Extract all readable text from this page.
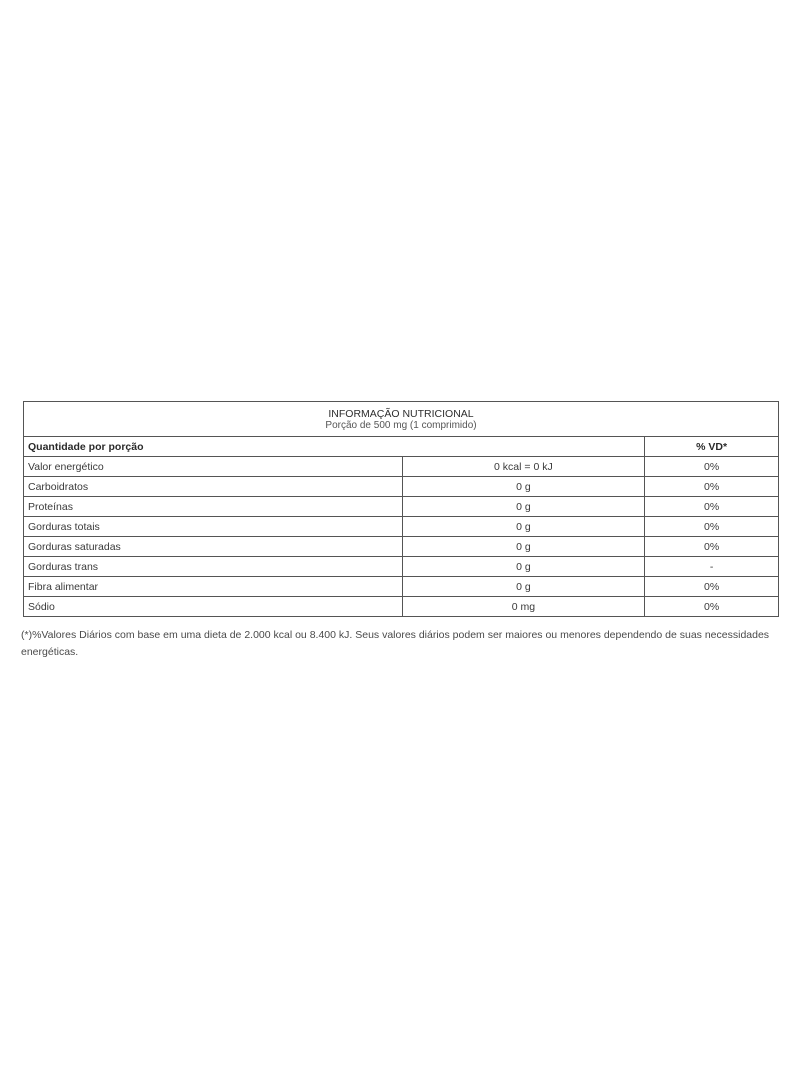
INFORMAÇÃO NUTRICIONAL
Porção de 500 mg (1 comprimido)		

Quantidade por porção		% VD*
Valor energético	0 kcal = 0 kJ	0%
Carboidratos	0 g	0%
Proteínas	0 g	0%
Gorduras totais	0 g	0%
Gorduras saturadas	0 g	0%
Gorduras trans	0 g	-
Fibra alimentar	0 g	0%
Sódio	0 mg	0%
(*)%Valores Diários com base em uma dieta de 2.000 kcal ou 8.400 kJ. Seus valores diários podem ser maiores ou menores dependendo de suas necessidades energéticas.
